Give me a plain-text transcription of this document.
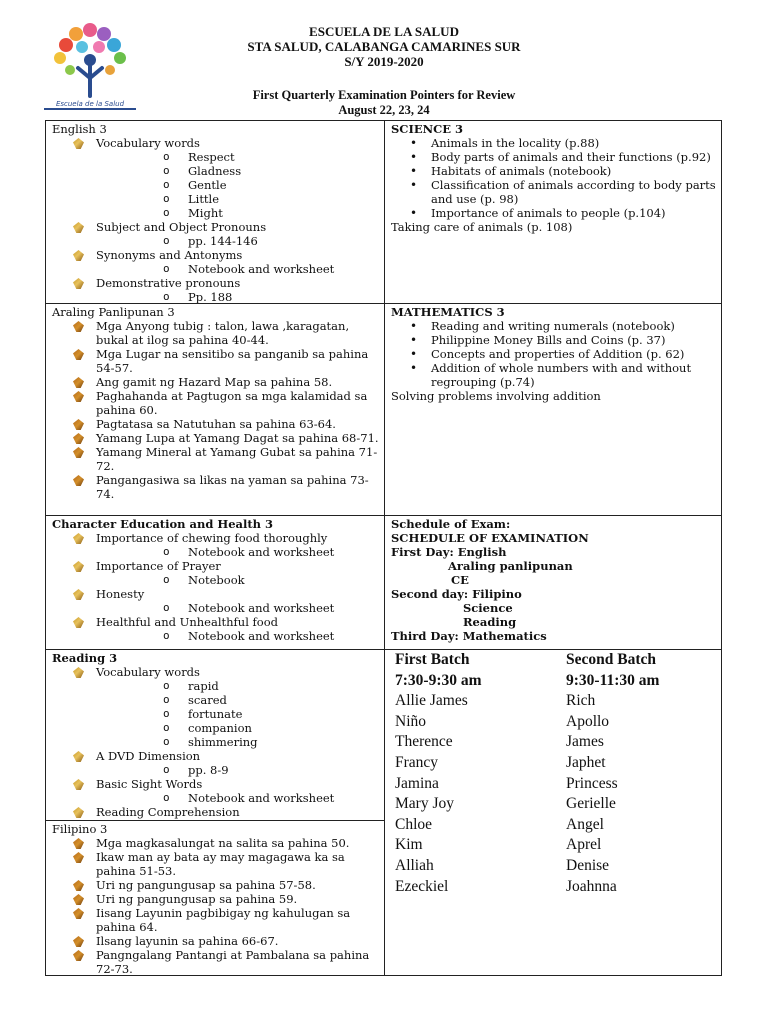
Escuela de la Salud
ESCUELA DE LA SALUD
STA SALUD, CALABANGA CAMARINES SUR
S/Y 2019-2020
First Quarterly Examination Pointers for Review
August 22, 23, 24
English 3
Vocabulary words
o Respect
o Gladness
o Gentle
o Little
o Might
Subject and Object Pronouns
o pp. 144-146
Synonyms and Antonyms
o Notebook and worksheet
Demonstrative pronouns
o Pp. 188
SCIENCE 3
• Animals in the locality (p.88)
• Body parts of animals and their functions (p.92)
• Habitats of animals (notebook)
• Classification of animals according to body parts and use (p. 98)
• Importance of animals to people (p.104)
Taking care of animals (p. 108)
Araling Panlipunan 3
Mga Anyong tubig : talon, lawa ,karagatan, bukal at ilog sa pahina 40-44.
Mga Lugar na sensitibo sa panganib sa pahina 54-57.
Ang gamit ng Hazard Map sa pahina 58.
Paghahanda at Pagtugon sa mga kalamidad sa pahina 60.
Pagtatasa sa Natutuhan sa pahina 63-64.
Yamang Lupa at Yamang Dagat sa pahina 68-71.
Yamang Mineral at Yamang Gubat sa pahina 71-72.
Pangangasiwa sa likas na yaman sa pahina 73-74.
MATHEMATICS 3
• Reading and writing numerals (notebook)
• Philippine Money Bills and Coins (p. 37)
• Concepts and properties of Addition (p. 62)
• Addition of whole numbers with and without regrouping (p.74)
Solving problems involving addition
Character Education and Health 3
Importance of chewing food thoroughly
o Notebook and worksheet
Importance of Prayer
o Notebook
Honesty
o Notebook and worksheet
Healthful and Unhealthful food
o Notebook and worksheet

Schedule of Exam:

SCHEDULE OF EXAMINATION

First Day: English

Araling panlipunan

CE

Second day: Filipino

Science

Reading

Third Day: Mathematics

Reading 3
Vocabulary words
o rapid
o scared
o fortunate
o companion
o shimmering
A DVD Dimension
o pp. 8-9
Basic Sight Words
o Notebook and worksheet
Reading Comprehension
Filipino 3
Mga magkasalungat na salita sa pahina 50.
Ikaw man ay bata ay may magagawa ka sa pahina 51-53.
Uri ng pangungusap sa pahina 57-58.
Uri ng pangungusap sa pahina 59.
Iisang Layunin pagbibigay ng kahulugan sa pahina 64.
Ilsang layunin sa pahina 66-67.
Pangngalang Pantangi at Pambalana sa pahina 72-73.
First Batch
7:30-9:30 am
Allie James
Niño
Therence
Francy
Jamina
Mary Joy
Chloe
Kim
Alliah
Ezeckiel
Second Batch
9:30-11:30 am
Rich
Apollo
James
Japhet
Princess
Gerielle
Angel
Aprel
Denise
Joahnna
